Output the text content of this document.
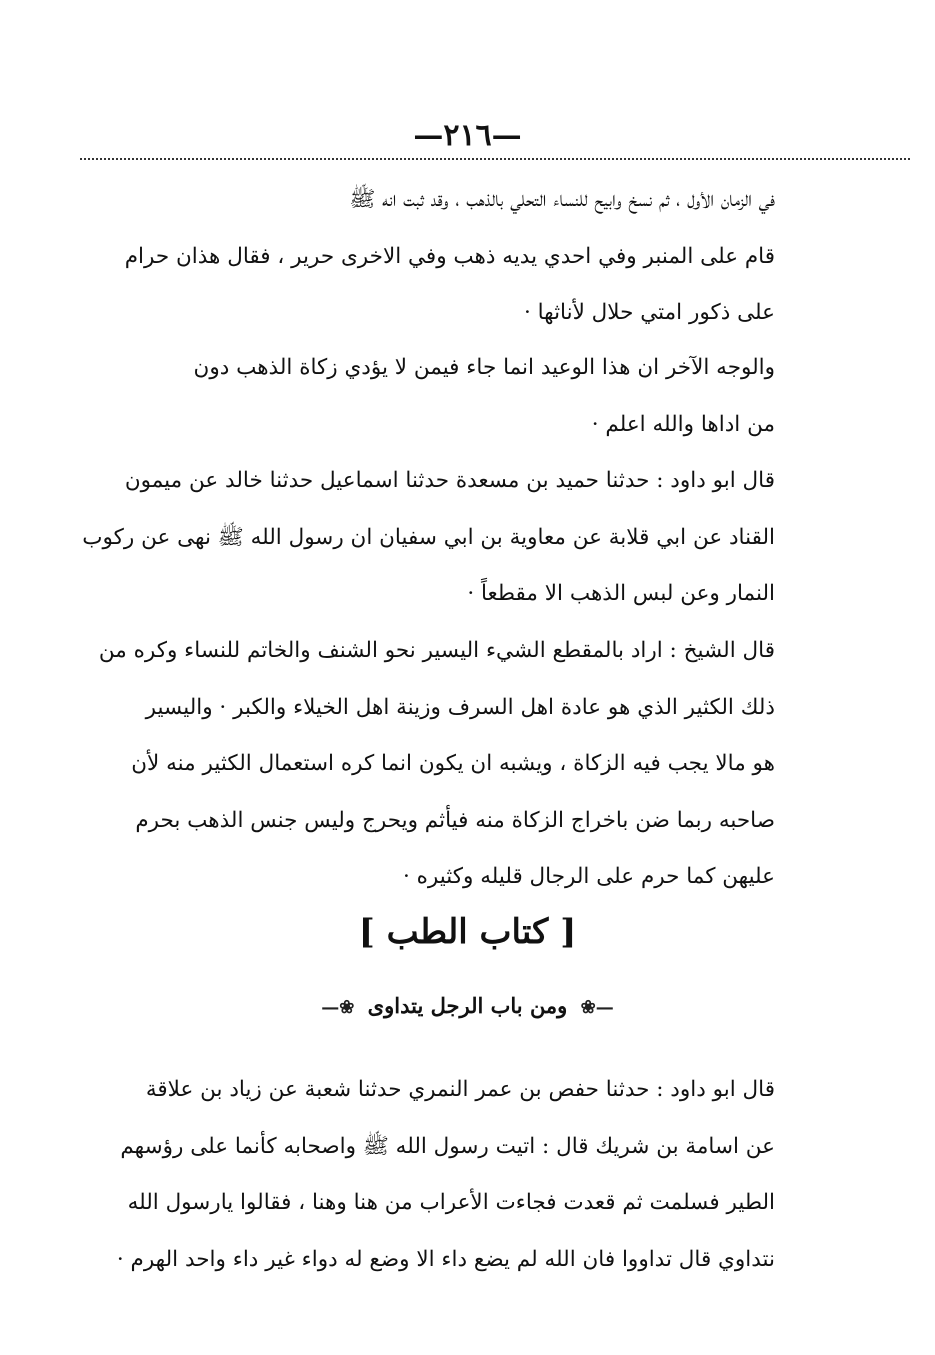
—٢١٦—
في الزمان الأول ، ثم نسخ وابيح للنساء التحلي بالذهب ، وقد ثبت انه ﷺ
قام على المنبر وفي احدي يديه ذهب وفي الاخرى حرير ، فقال هذان حرام
على ذكور امتي حلال لأناثها ·
والوجه الآخر ان هذا الوعيد انما جاء فيمن لا يؤدي زكاة الذهب دون
من اداها والله اعلم ·
قال ابو داود : حدثنا حميد بن مسعدة حدثنا اسماعيل حدثنا خالد عن ميمون
القناد عن ابي قلابة عن معاوية بن ابي سفيان ان رسول الله ﷺ نهى عن ركوب
النمار وعن لبس الذهب الا مقطعاً ·
قال الشيخ : اراد بالمقطع الشيء اليسير نحو الشنف والخاتم للنساء وكره من
ذلك الكثير الذي هو عادة اهل السرف وزينة اهل الخيلاء والكبر · واليسير
هو مالا يجب فيه الزكاة ، ويشبه ان يكون انما كره استعمال الكثير منه لأن
صاحبه ربما ضن باخراج الزكاة منه فيأثم ويحرج وليس جنس الذهب بحرم
عليهن كما حرم على الرجال قليله وكثيره ·
[ كتاب الطب ]
—❀ ومن باب الرجل يتداوى ❀—
قال ابو داود : حدثنا حفص بن عمر النمري حدثنا شعبة عن زياد بن علاقة
عن اسامة بن شريك قال : اتيت رسول الله ﷺ واصحابه كأنما على رؤسهم
الطير فسلمت ثم قعدت فجاءت الأعراب من هنا وهنا ، فقالوا يارسول الله
نتداوي قال تداووا فان الله لم يضع داء الا وضع له دواء غير داء واحد الهرم ·
